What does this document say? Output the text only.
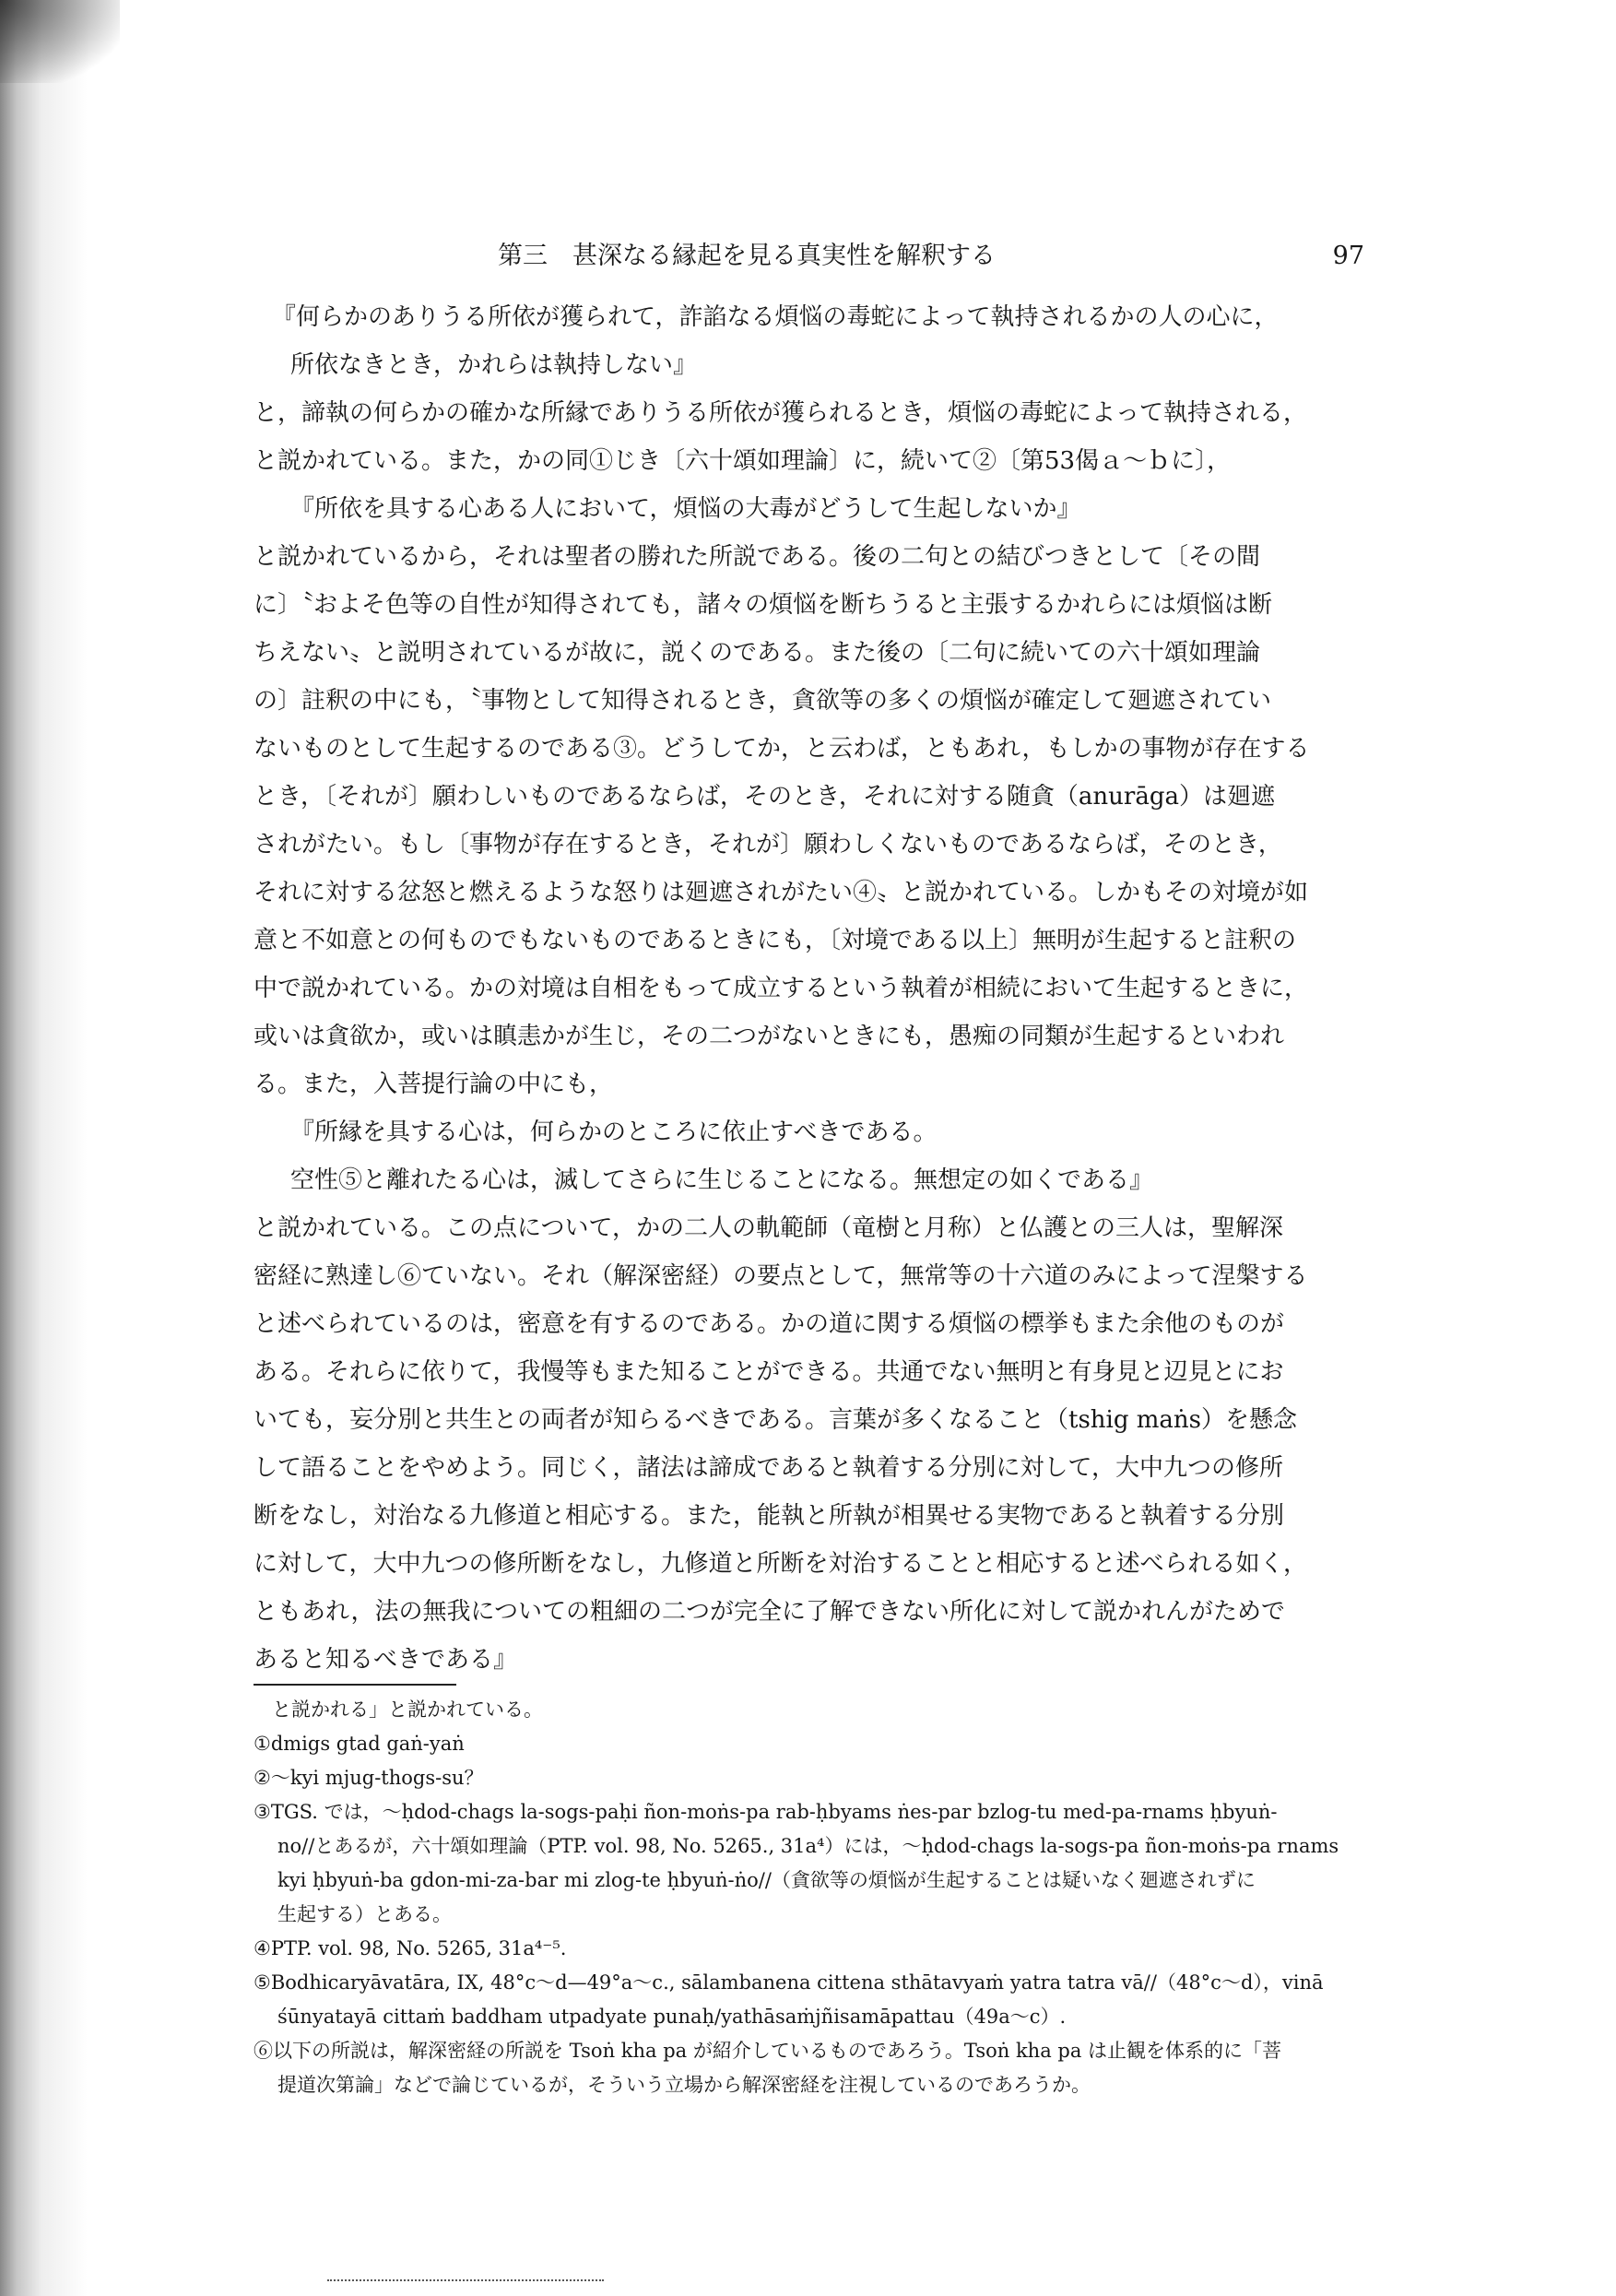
第三　甚深なる縁起を見る真実性を解釈する	97

『何らかのありうる所依が獲られて，詐諂なる煩悩の毒蛇によって執持されるかの人の心に，

所依なきとき，かれらは執持しない』

と，諦執の何らかの確かな所縁でありうる所依が獲られるとき，煩悩の毒蛇によって執持される，

と説かれている。また，かの同①じき〔六十頌如理論〕に，続いて②〔第53偈ａ～ｂに〕，

『所依を具する心ある人において，煩悩の大毒がどうして生起しないか』

と説かれているから，それは聖者の勝れた所説である。後の二句との結びつきとして〔その間

に〕〝およそ色等の自性が知得されても，諸々の煩悩を断ちうると主張するかれらには煩悩は断

ちえない〟と説明されているが故に，説くのである。また後の〔二句に続いての六十頌如理論

の〕註釈の中にも，〝事物として知得されるとき，貪欲等の多くの煩悩が確定して廻遮されてい

ないものとして生起するのである③。どうしてか，と云わば，ともあれ，もしかの事物が存在する

とき，〔それが〕願わしいものであるならば，そのとき，それに対する随貪（anurāga）は廻遮

されがたい。もし〔事物が存在するとき，それが〕願わしくないものであるならば，そのとき，

それに対する忿怒と燃えるような怒りは廻遮されがたい④〟と説かれている。しかもその対境が如

意と不如意との何ものでもないものであるときにも，〔対境である以上〕無明が生起すると註釈の

中で説かれている。かの対境は自相をもって成立するという執着が相続において生起するときに，

或いは貪欲か，或いは瞋恚かが生じ，その二つがないときにも，愚痴の同類が生起するといわれ

る。また，入菩提行論の中にも，

『所縁を具する心は，何らかのところに依止すべきである。

空性⑤と離れたる心は，滅してさらに生じることになる。無想定の如くである』

と説かれている。この点について，かの二人の軌範師（竜樹と月称）と仏護との三人は，聖解深

密経に熟達し⑥ていない。それ（解深密経）の要点として，無常等の十六道のみによって涅槃する

と述べられているのは，密意を有するのである。かの道に関する煩悩の標挙もまた余他のものが

ある。それらに依りて，我慢等もまた知ることができる。共通でない無明と有身見と辺見とにお

いても，妄分別と共生との両者が知らるべきである。言葉が多くなること（tshig maṅs）を懸念

して語ることをやめよう。同じく，諸法は諦成であると執着する分別に対して，大中九つの修所

断をなし，対治なる九修道と相応する。また，能執と所執が相異せる実物であると執着する分別

に対して，大中九つの修所断をなし，九修道と所断を対治することと相応すると述べられる如く，

ともあれ，法の無我についての粗細の二つが完全に了解できない所化に対して説かれんがためで

あると知るべきである』

と説かれる」と説かれている。

①dmigs gtad gaṅ-yaṅ

②～kyi mjug-thogs-su？

③TGS. では，～ḥdod-chags la-sogs-paḥi ñon-moṅs-pa rab-ḥbyams ṅes-par bzlog-tu med-pa-rnams ḥbyuṅ-

no//とあるが，六十頌如理論（PTP. vol. 98, No. 5265., 31a⁴）には，～ḥdod-chags la-sogs-pa ñon-moṅs-pa rnams

kyi ḥbyuṅ-ba gdon-mi-za-bar mi zlog-te ḥbyuṅ-ṅo//（貪欲等の煩悩が生起することは疑いなく廻遮されずに

生起する）とある。

④PTP. vol. 98, No. 5265, 31a⁴⁻⁵.

⑤Bodhicaryāvatāra, IX, 48°c～d—49°a～c., sālambanena cittena sthātavyaṁ yatra tatra vā//（48°c～d），vinā

śūnyatayā cittaṁ baddham utpadyate punaḥ/yathāsaṁjñisamāpattau（49a～c）.

⑥以下の所説は，解深密経の所説を Tsoṅ kha pa が紹介しているものであろう。Tsoṅ kha pa は止観を体系的に「菩

提道次第論」などで論じているが，そういう立場から解深密経を注視しているのであろうか。
